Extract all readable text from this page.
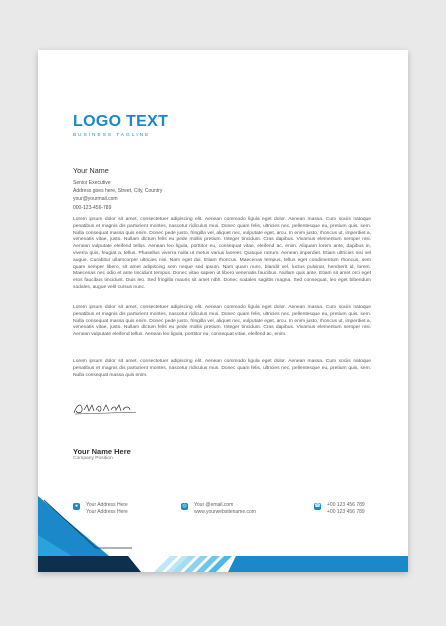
LOGO TEXT
BUSINESS TAGLINE
Your Name
Senior Executive
Address goes here, Street, City, Country
your@yourmail.com
000-123-456-789

Lorem ipsum dolor sit amet, consectetuer adipiscing elit. Aenean commodo ligula eget dolor. Aenean massa. Cum sociis natoque penatibus et magnis dis parturient montes, nascetur ridiculus mus. Donec quam felis, ultricies nec, pellentesque eu, pretium quis, sem. Nulla consequat massa quis enim. Donec pede justo, fringilla vel, aliquet nec, vulputate eget, arcu. In enim justo, rhoncus ut, imperdiet a, venenatis vitae, justo. Nullam dictum felis eu pede mollis pretium. Integer tincidunt. Cras dapibus. Vivamus elementum semper nisi. Aenean vulputate eleifend tellus. Aenean leo ligula, porttitor eu, consequat vitae, eleifend ac, enim. Aliquam lorem ante, dapibus in, viverra quis, feugiat a, tellus. Phasellus viverra nulla ut metus varius laoreet. Quisque rutrum. Aenean imperdiet. Etiam ultricies nisi vel augue. Curabitur ullamcorper ultricies nisi. Nam eget dui. Etiam rhoncus. Maecenas tempus, tellus eget condimentum rhoncus, sem quam semper libero, sit amet adipiscing sem neque sed ipsum. Nam quam nunc, blandit vel, luctus pulvinar, hendrerit id, lorem. Maecenas nec odio et ante tincidunt tempus. Donec vitae sapien ut libero venenatis faucibus. Nullam quis ante. Etiam sit amet orci eget eros faucibus tincidunt. Duis leo. Sed fringilla mauris sit amet nibh. Donec sodales sagittis magna. Sed consequat, leo eget bibendum sodales, augue velit cursus nunc.

Lorem ipsum dolor sit amet, consectetuer adipiscing elit. Aenean commodo ligula eget dolor. Aenean massa. Cum sociis natoque penatibus et magnis dis parturient montes, nascetur ridiculus mus. Donec quam felis, ultricies nec, pellentesque eu, pretium quis, sem. Nulla consequat massa quis enim. Donec pede justo, fringilla vel, aliquet nec, vulputate eget, arcu. In enim justo, rhoncus ut, imperdiet a, venenatis vitae, justo. Nullam dictum felis eu pede mollis pretium. Integer tincidunt. Cras dapibus. Vivamus elementum semper nisi. Aenean vulputate eleifend tellus. Aenean leo ligula, porttitor eu, consequat vitae, eleifend ac, enim.

Lorem ipsum dolor sit amet, consectetuer adipiscing elit. Aenean commodo ligula eget dolor. Aenean massa. Cum sociis natoque penatibus et magnis dis parturient montes, nascetur ridiculus mus. Donec quam felis, ultricies nec, pellentesque eu, pretium quis, sem. Nulla consequat massa quis enim.

Your Name Here
Company Position
●	Your Address Here
Your Address Here
◎ Your @email.com
www.yourwebsitename.com
☎ +00 123 456 789
+00 123 456 789
